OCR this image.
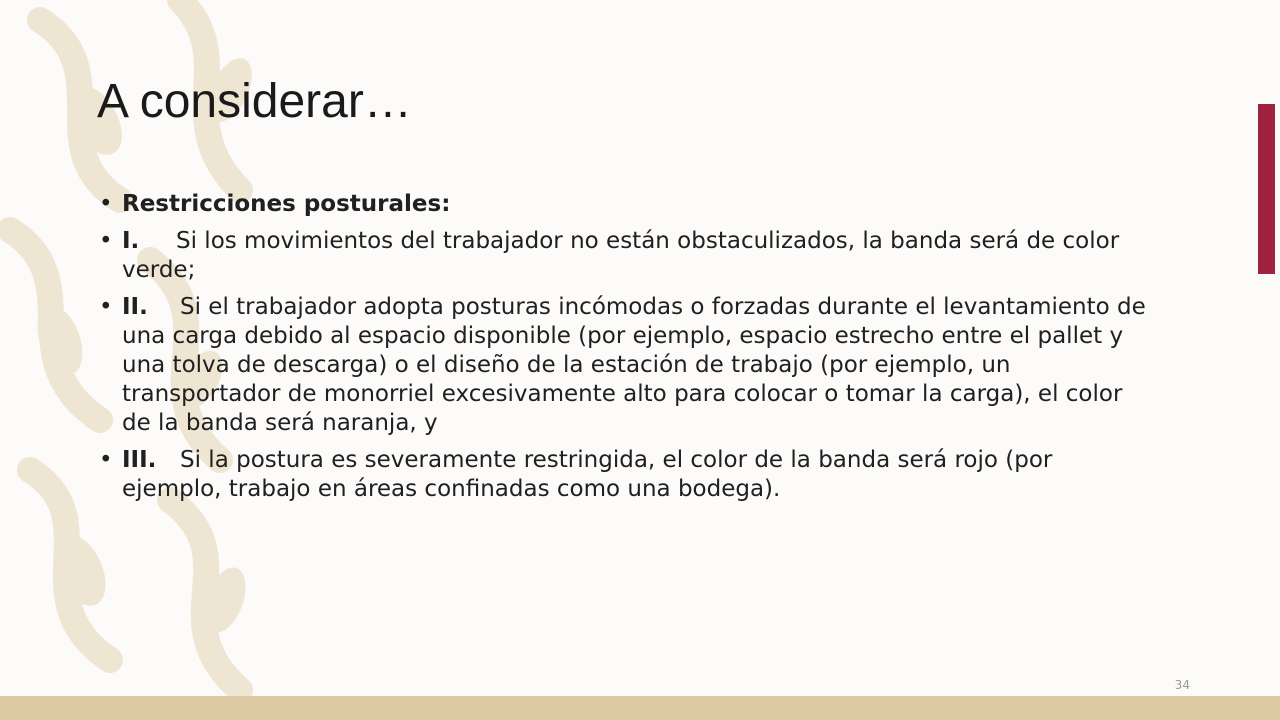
A considerar…
• Restricciones posturales:
• I. Si los movimientos del trabajador no están obstaculizados, la banda será de color verde;
• II. Si el trabajador adopta posturas incómodas o forzadas durante el levantamiento de una carga debido al espacio disponible (por ejemplo, espacio estrecho entre el pallet y una tolva de descarga) o el diseño de la estación de trabajo (por ejemplo, un transportador de monorriel excesivamente alto para colocar o tomar la carga), el color de la banda será naranja, y
• III. Si la postura es severamente restringida, el color de la banda será rojo (por ejemplo, trabajo en áreas confinadas como una bodega).
34
